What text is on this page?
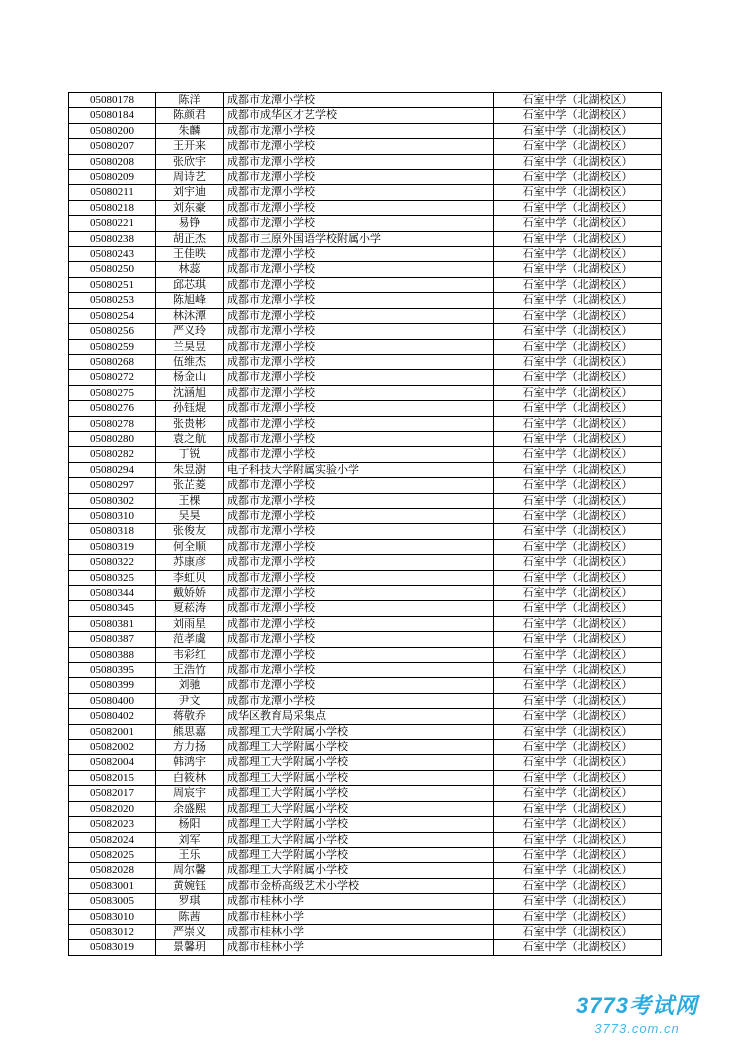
05080178	陈洋	成都市龙潭小学校	石室中学（北湖校区）
05080184	陈颜君	成都市成华区才艺学校	石室中学（北湖校区）
05080200	朱麟	成都市龙潭小学校	石室中学（北湖校区）
05080207	王开来	成都市龙潭小学校	石室中学（北湖校区）
05080208	张欣宇	成都市龙潭小学校	石室中学（北湖校区）
05080209	周诗艺	成都市龙潭小学校	石室中学（北湖校区）
05080211	刘宇迪	成都市龙潭小学校	石室中学（北湖校区）
05080218	刘东豪	成都市龙潭小学校	石室中学（北湖校区）
05080221	易铮	成都市龙潭小学校	石室中学（北湖校区）
05080238	胡正杰	成都市三原外国语学校附属小学	石室中学（北湖校区）
05080243	王佳昳	成都市龙潭小学校	石室中学（北湖校区）
05080250	林蕊	成都市龙潭小学校	石室中学（北湖校区）
05080251	邱芯琪	成都市龙潭小学校	石室中学（北湖校区）
05080253	陈旭峰	成都市龙潭小学校	石室中学（北湖校区）
05080254	林沐潭	成都市龙潭小学校	石室中学（北湖校区）
05080256	严义玲	成都市龙潭小学校	石室中学（北湖校区）
05080259	兰昊昱	成都市龙潭小学校	石室中学（北湖校区）
05080268	伍维杰	成都市龙潭小学校	石室中学（北湖校区）
05080272	杨金山	成都市龙潭小学校	石室中学（北湖校区）
05080275	沈涵旭	成都市龙潭小学校	石室中学（北湖校区）
05080276	孙钰焜	成都市龙潭小学校	石室中学（北湖校区）
05080278	张贵彬	成都市龙潭小学校	石室中学（北湖校区）
05080280	袁之航	成都市龙潭小学校	石室中学（北湖校区）
05080282	丁锐	成都市龙潭小学校	石室中学（北湖校区）
05080294	朱昱澍	电子科技大学附属实验小学	石室中学（北湖校区）
05080297	张芷菱	成都市龙潭小学校	石室中学（北湖校区）
05080302	王棵	成都市龙潭小学校	石室中学（北湖校区）
05080310	吴昊	成都市龙潭小学校	石室中学（北湖校区）
05080318	张俊友	成都市龙潭小学校	石室中学（北湖校区）
05080319	何全顺	成都市龙潭小学校	石室中学（北湖校区）
05080322	苏康彦	成都市龙潭小学校	石室中学（北湖校区）
05080325	李虹贝	成都市龙潭小学校	石室中学（北湖校区）
05080344	戴娇娇	成都市龙潭小学校	石室中学（北湖校区）
05080345	夏菘涛	成都市龙潭小学校	石室中学（北湖校区）
05080381	刘雨星	成都市龙潭小学校	石室中学（北湖校区）
05080387	范孝虞	成都市龙潭小学校	石室中学（北湖校区）
05080388	韦彩红	成都市龙潭小学校	石室中学（北湖校区）
05080395	王浩竹	成都市龙潭小学校	石室中学（北湖校区）
05080399	刘驰	成都市龙潭小学校	石室中学（北湖校区）
05080400	尹文	成都市龙潭小学校	石室中学（北湖校区）
05080402	蒋敬乔	成华区教育局采集点	石室中学（北湖校区）
05082001	熊思嘉	成都理工大学附属小学校	石室中学（北湖校区）
05082002	方力扬	成都理工大学附属小学校	石室中学（北湖校区）
05082004	韩鸿宇	成都理工大学附属小学校	石室中学（北湖校区）
05082015	白筱林	成都理工大学附属小学校	石室中学（北湖校区）
05082017	周宸宇	成都理工大学附属小学校	石室中学（北湖校区）
05082020	余盛熙	成都理工大学附属小学校	石室中学（北湖校区）
05082023	杨阳	成都理工大学附属小学校	石室中学（北湖校区）
05082024	刘军	成都理工大学附属小学校	石室中学（北湖校区）
05082025	王乐	成都理工大学附属小学校	石室中学（北湖校区）
05082028	周尔馨	成都理工大学附属小学校	石室中学（北湖校区）
05083001	黄婉钰	成都市金桥高级艺术小学校	石室中学（北湖校区）
05083005	罗琪	成都市桂林小学	石室中学（北湖校区）
05083010	陈茜	成都市桂林小学	石室中学（北湖校区）
05083012	严崇义	成都市桂林小学	石室中学（北湖校区）
05083019	景馨玥	成都市桂林小学	石室中学（北湖校区）
3773考试网
3773.com.cn
